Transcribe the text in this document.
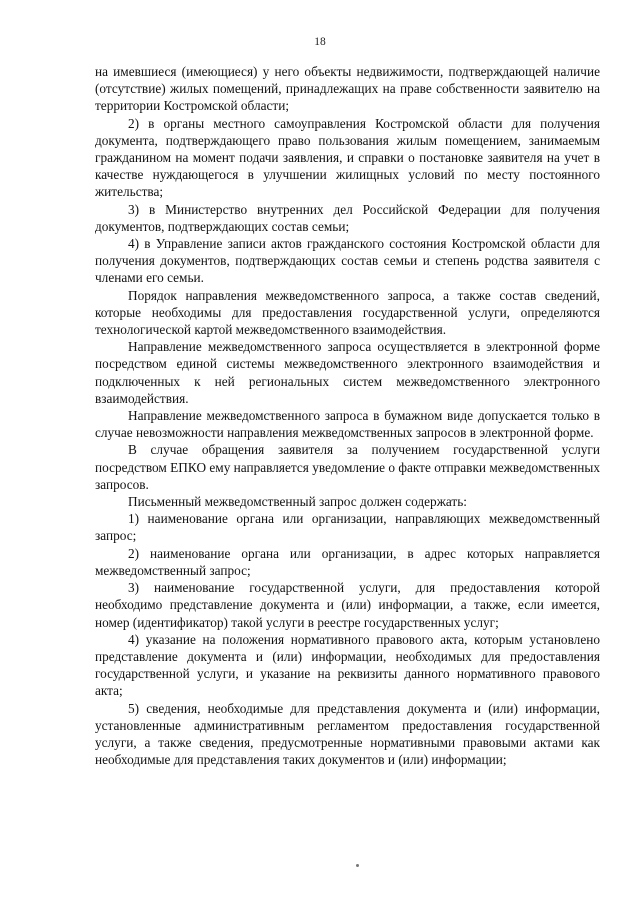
18

на имевшиеся (имеющиеся) у него объекты недвижимости, подтверждающей наличие (отсутствие) жилых помещений, принадлежащих на праве собственности заявителю на территории Костромской области;

2) в органы местного самоуправления Костромской области для получения документа, подтверждающего право пользования жилым помещением, занимаемым гражданином на момент подачи заявления, и справки о постановке заявителя на учет в качестве нуждающегося в улучшении жилищных условий по месту постоянного жительства;

3) в Министерство внутренних дел Российской Федерации для получения документов, подтверждающих состав семьи;

4) в Управление записи актов гражданского состояния Костромской области для получения документов, подтверждающих состав семьи и степень родства заявителя с членами его семьи.

Порядок направления межведомственного запроса, а также состав сведений, которые необходимы для предоставления государственной услуги, определяются технологической картой межведомственного взаимодействия.

Направление межведомственного запроса осуществляется в электронной форме посредством единой системы межведомственного электронного взаимодействия и подключенных к ней региональных систем межведомственного электронного взаимодействия.

Направление межведомственного запроса в бумажном виде допускается только в случае невозможности направления межведомственных запросов в электронной форме.

В случае обращения заявителя за получением государственной услуги посредством ЕПКО ему направляется уведомление о факте отправки межведомственных запросов.

Письменный межведомственный запрос должен содержать:

1) наименование органа или организации, направляющих межведомственный запрос;

2) наименование органа или организации, в адрес которых направляется межведомственный запрос;

3) наименование государственной услуги, для предоставления которой необходимо представление документа и (или) информации, а также, если имеется, номер (идентификатор) такой услуги в реестре государственных услуг;

4) указание на положения нормативного правового акта, которым установлено представление документа и (или) информации, необходимых для предоставления государственной услуги, и указание на реквизиты данного нормативного правового акта;

5) сведения, необходимые для представления документа и (или) информации, установленные административным регламентом предоставления государственной услуги, а также сведения, предусмотренные нормативными правовыми актами как необходимые для представления таких документов и (или) информации;
